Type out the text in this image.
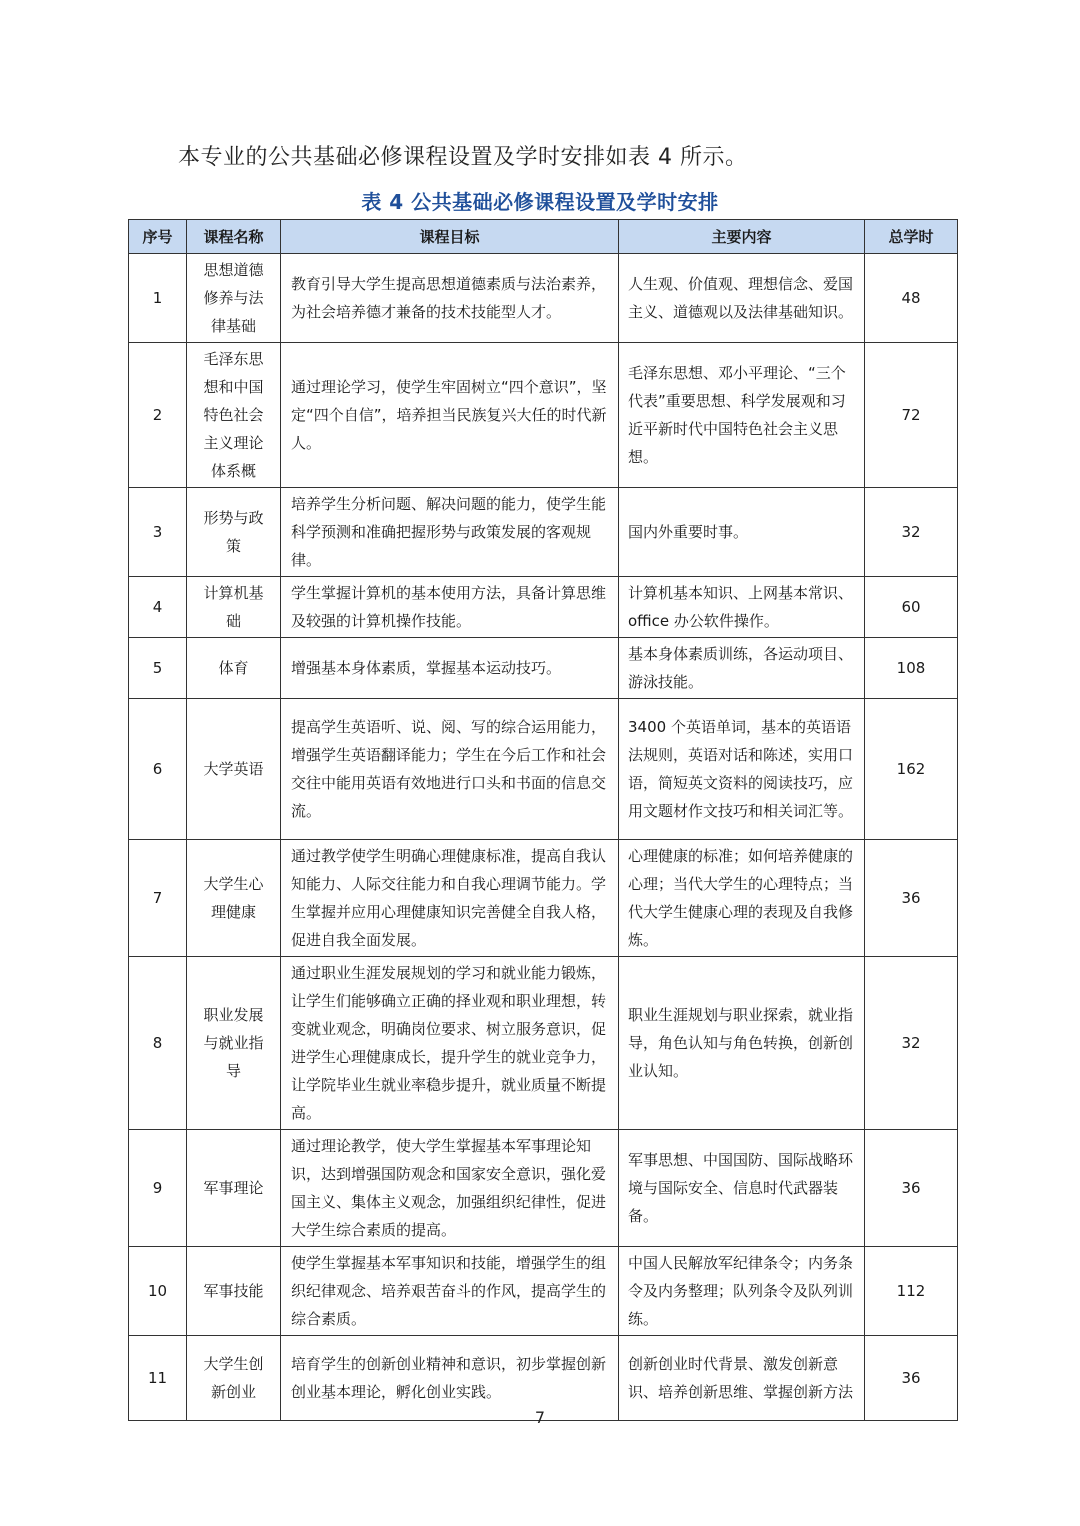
本专业的公共基础必修课程设置及学时安排如表 4 所示。
表 4 公共基础必修课程设置及学时安排
序号	课程名称	课程目标	主要内容	总学时
1	思想道德修养与法律基础	教育引导大学生提高思想道德素质与法治素养，为社会培养德才兼备的技术技能型人才。	人生观、价值观、理想信念、爱国主义、道德观以及法律基础知识。	48
2	毛泽东思想和中国特色社会主义理论体系概	通过理论学习，使学生牢固树立“四个意识”，坚定“四个自信”，培养担当民族复兴大任的时代新人。	毛泽东思想、邓小平理论、“三个代表”重要思想、科学发展观和习近平新时代中国特色社会主义思想。	72
3	形势与政策	培养学生分析问题、解决问题的能力，使学生能科学预测和准确把握形势与政策发展的客观规律。	国内外重要时事。	32
4	计算机基础	学生掌握计算机的基本使用方法，具备计算思维及较强的计算机操作技能。	计算机基本知识、上网基本常识、office 办公软件操作。	60
5	体育	增强基本身体素质，掌握基本运动技巧。	基本身体素质训练，各运动项目、游泳技能。	108
6	大学英语	提高学生英语听、说、阅、写的综合运用能力，增强学生英语翻译能力；学生在今后工作和社会交往中能用英语有效地进行口头和书面的信息交流。	3400 个英语单词，基本的英语语法规则，英语对话和陈述，实用口语，简短英文资料的阅读技巧，应用文题材作文技巧和相关词汇等。	162
7	大学生心理健康	通过教学使学生明确心理健康标准，提高自我认知能力、人际交往能力和自我心理调节能力。学生掌握并应用心理健康知识完善健全自我人格，促进自我全面发展。	心理健康的标准；如何培养健康的心理；当代大学生的心理特点；当代大学生健康心理的表现及自我修炼。	36
8	职业发展与就业指导	通过职业生涯发展规划的学习和就业能力锻炼，让学生们能够确立正确的择业观和职业理想，转变就业观念，明确岗位要求、树立服务意识，促进学生心理健康成长，提升学生的就业竞争力，让学院毕业生就业率稳步提升，就业质量不断提高。	职业生涯规划与职业探索，就业指导，角色认知与角色转换，创新创业认知。	32
9	军事理论	通过理论教学，使大学生掌握基本军事理论知识，达到增强国防观念和国家安全意识，强化爱国主义、集体主义观念，加强组织纪律性，促进大学生综合素质的提高。	军事思想、中国国防、国际战略环境与国际安全、信息时代武器装备。	36
10	军事技能	使学生掌握基本军事知识和技能，增强学生的组织纪律观念、培养艰苦奋斗的作风，提高学生的综合素质。	中国人民解放军纪律条令；内务条令及内务整理；队列条令及队列训练。	112
11	大学生创新创业	培育学生的创新创业精神和意识，初步掌握创新创业基本理论，孵化创业实践。	创新创业时代背景、激发创新意识、培养创新思维、掌握创新方法	36
7
